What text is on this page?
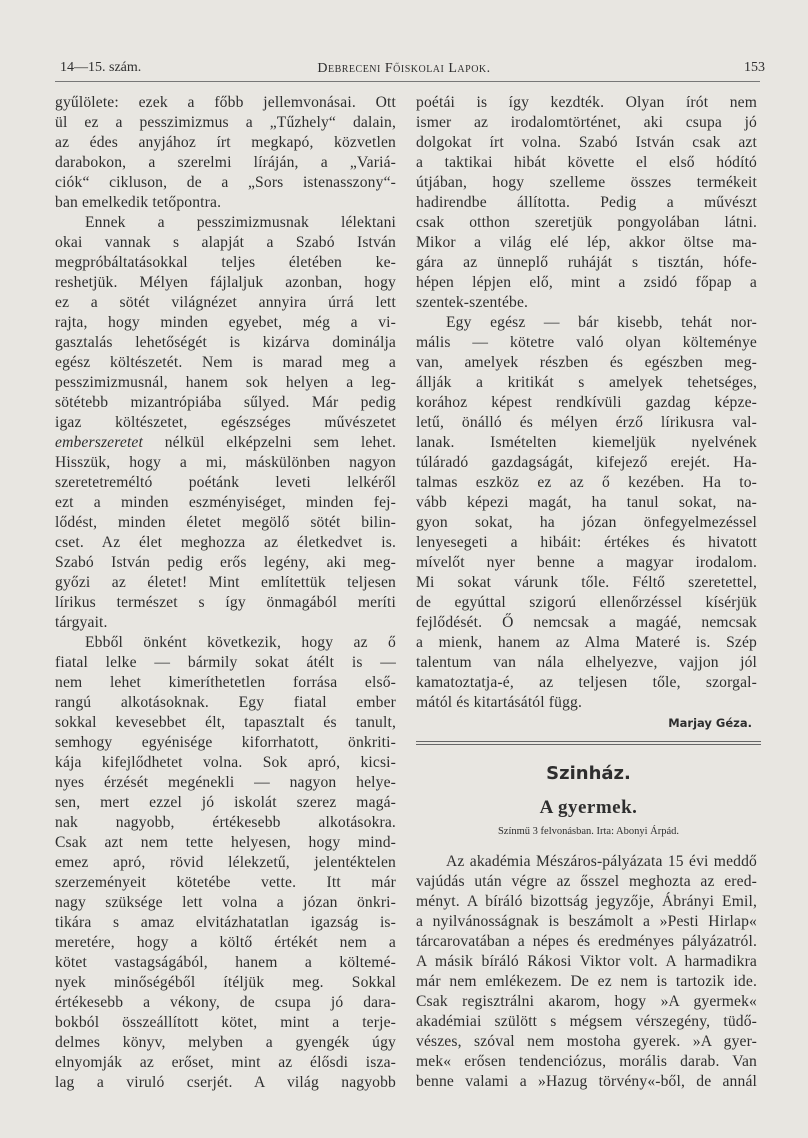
14—15. szám.	Debreceni Főiskolai Lapok.	153
gyűlölete: ezek a főbb jellemvonásai. Ott
ül ez a pesszimizmus a „Tűzhely“ dalain,
az édes anyjához írt megkapó, közvetlen
darabokon, a szerelmi líráján, a „Variá-
ciók“ cikluson, de a „Sors istenasszony“-
ban emelkedik tetőpontra.
Ennek a pesszimizmusnak lélektani
okai vannak s alapját a Szabó István
megpróbáltatásokkal teljes életében ke-
reshetjük. Mélyen fájlaljuk azonban, hogy
ez a sötét világnézet annyira úrrá lett
rajta, hogy minden egyebet, még a vi-
gasztalás lehetőségét is kizárva dominálja
egész költészetét. Nem is marad meg a
pesszimizmusnál, hanem sok helyen a leg-
sötétebb mizantrópiába sűlyed. Már pedig
igaz költészetet, egészséges művészetet
emberszeretet nélkül elképzelni sem lehet.
Hisszük, hogy a mi, máskülönben nagyon
szeretetreméltó poétánk leveti lelkéről
ezt a minden eszményiséget, minden fej-
lődést, minden életet megölő sötét bilin-
cset. Az élet meghozza az életkedvet is.
Szabó István pedig erős legény, aki meg-
győzi az életet! Mint említettük teljesen
lírikus természet s így önmagából meríti
tárgyait.
Ebből önként következik, hogy az ő
fiatal lelke — bármily sokat átélt is —
nem lehet kimeríthetetlen forrása első-
rangú alkotásoknak. Egy fiatal ember
sokkal kevesebbet élt, tapasztalt és tanult,
semhogy egyénisége kiforrhatott, önkriti-
kája kifejlődhetet volna. Sok apró, kicsi-
nyes érzését megénekli — nagyon helye-
sen, mert ezzel jó iskolát szerez magá-
nak nagyobb, értékesebb alkotásokra.
Csak azt nem tette helyesen, hogy mind-
emez apró, rövid lélekzetű, jelentéktelen
szerzeményeit kötetébe vette. Itt már
nagy szüksége lett volna a józan önkri-
tikára s amaz elvitázhatatlan igazság is-
meretére, hogy a költő értékét nem a
kötet vastagságából, hanem a költemé-
nyek minőségéből ítéljük meg. Sokkal
értékesebb a vékony, de csupa jó dara-
bokból összeállított kötet, mint a terje-
delmes könyv, melyben a gyengék úgy
elnyomják az erőset, mint az élősdi isza-
lag a viruló cserjét. A világ nagyobb
poétái is így kezdték. Olyan írót nem
ismer az irodalomtörténet, aki csupa jó
dolgokat írt volna. Szabó István csak azt
a taktikai hibát követte el első hódító
útjában, hogy szelleme összes termékeit
hadirendbe állította. Pedig a művészt
csak otthon szeretjük pongyolában látni.
Mikor a világ elé lép, akkor öltse ma-
gára az ünneplő ruháját s tisztán, hófe-
hépen lépjen elő, mint a zsidó főpap a
szentek-szentébe.
Egy egész — bár kisebb, tehát nor-
mális — kötetre való olyan költeménye
van, amelyek részben és egészben meg-
állják a kritikát s amelyek tehetséges,
korához képest rendkívüli gazdag képze-
letű, önálló és mélyen érző lírikusra val-
lanak. Ismételten kiemeljük nyelvének
túláradó gazdagságát, kifejező erejét. Ha-
talmas eszköz ez az ő kezében. Ha to-
vább képezi magát, ha tanul sokat, na-
gyon sokat, ha józan önfegyelmezéssel
lenyesegeti a hibáit: értékes és hivatott
mívelőt nyer benne a magyar irodalom.
Mi sokat várunk tőle. Féltő szeretettel,
de egyúttal szigorú ellenőrzéssel kísérjük
fejlődését. Ő nemcsak a magáé, nemcsak
a mienk, hanem az Alma Materé is. Szép
talentum van nála elhelyezve, vajjon jól
kamatoztatja-é, az teljesen tőle, szorgal-
mától és kitartásától függ.
Marjay Géza.
Szinház.
A gyermek.
Színmű 3 felvonásban. Irta: Abonyi Árpád.
Az akadémia Mészáros-pályázata 15 évi meddő
vajúdás után végre az ősszel meghozta az ered-
ményt. A bíráló bizottság jegyzője, Ábrányi Emil,
a nyilvánosságnak is beszámolt a »Pesti Hirlap«
tárcarovatában a népes és eredményes pályázatról.
A másik bíráló Rákosi Viktor volt. A harmadikra
már nem emlékezem. De ez nem is tartozik ide.
Csak regisztrálni akarom, hogy »A gyermek«
akadémiai szülött s mégsem vérszegény, tüdő-
vészes, szóval nem mostoha gyerek. »A gyer-
mek« erősen tendenciózus, morális darab. Van
benne valami a »Hazug törvény«-ből, de annál
